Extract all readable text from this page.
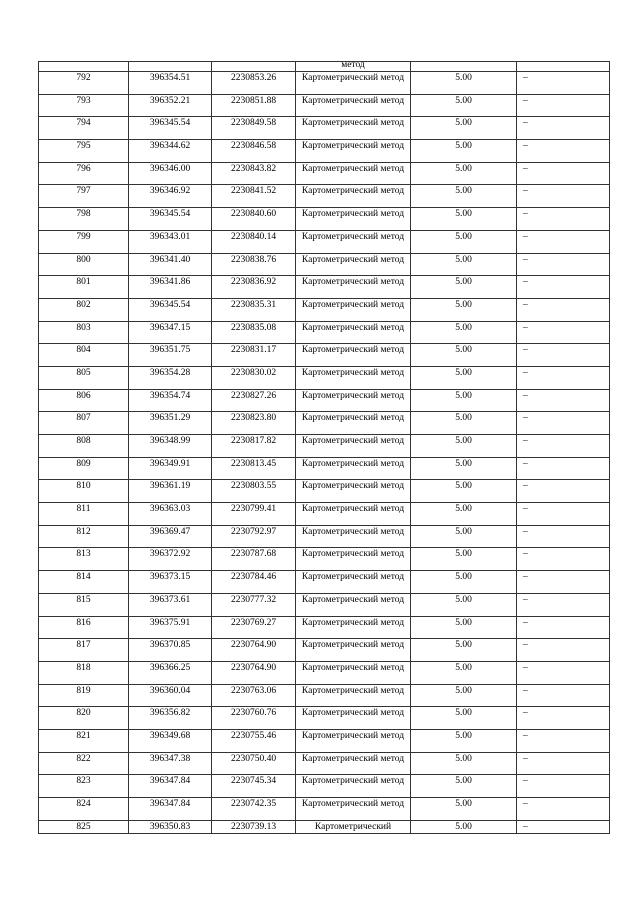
			метод		

792	396354.51	2230853.26	Картометрический метод	5.00	–

793	396352.21	2230851.88	Картометрический метод	5.00	–

794	396345.54	2230849.58	Картометрический метод	5.00	–

795	396344.62	2230846.58	Картометрический метод	5.00	–

796	396346.00	2230843.82	Картометрический метод	5.00	–

797	396346.92	2230841.52	Картометрический метод	5.00	–

798	396345.54	2230840.60	Картометрический метод	5.00	–

799	396343.01	2230840.14	Картометрический метод	5.00	–

800	396341.40	2230838.76	Картометрический метод	5.00	–

801	396341.86	2230836.92	Картометрический метод	5.00	–

802	396345.54	2230835.31	Картометрический метод	5.00	–

803	396347.15	2230835.08	Картометрический метод	5.00	–

804	396351.75	2230831.17	Картометрический метод	5.00	–

805	396354.28	2230830.02	Картометрический метод	5.00	–

806	396354.74	2230827.26	Картометрический метод	5.00	–

807	396351.29	2230823.80	Картометрический метод	5.00	–

808	396348.99	2230817.82	Картометрический метод	5.00	–

809	396349.91	2230813.45	Картометрический метод	5.00	–

810	396361.19	2230803.55	Картометрический метод	5.00	–

811	396363.03	2230799.41	Картометрический метод	5.00	–

812	396369.47	2230792.97	Картометрический метод	5.00	–

813	396372.92	2230787.68	Картометрический метод	5.00	–

814	396373.15	2230784.46	Картометрический метод	5.00	–

815	396373.61	2230777.32	Картометрический метод	5.00	–

816	396375.91	2230769.27	Картометрический метод	5.00	–

817	396370.85	2230764.90	Картометрический метод	5.00	–

818	396366.25	2230764.90	Картометрический метод	5.00	–

819	396360.04	2230763.06	Картометрический метод	5.00	–

820	396356.82	2230760.76	Картометрический метод	5.00	–

821	396349.68	2230755.46	Картометрический метод	5.00	–

822	396347.38	2230750.40	Картометрический метод	5.00	–

823	396347.84	2230745.34	Картометрический метод	5.00	–

824	396347.84	2230742.35	Картометрический метод	5.00	–

825	396350.83	2230739.13	Картометрический	5.00	–
